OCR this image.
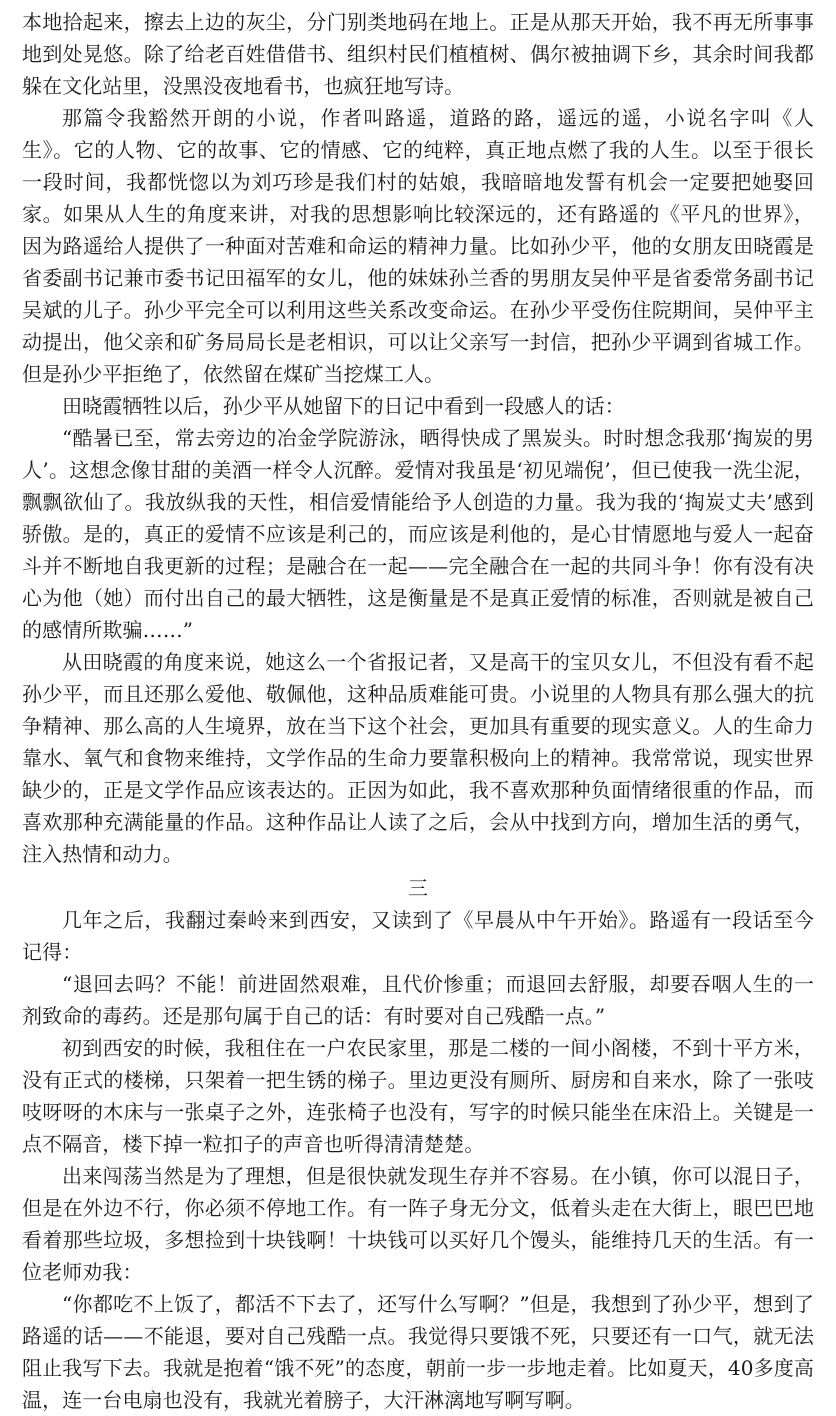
本地拾起来，擦去上边的灰尘，分门别类地码在地上。正是从那天开始，我不再无所事事地到处晃悠。除了给老百姓借借书、组织村民们植植树、偶尔被抽调下乡，其余时间我都躲在文化站里，没黑没夜地看书，也疯狂地写诗。

那篇令我豁然开朗的小说，作者叫路遥，道路的路，遥远的遥，小说名字叫《人生》。它的人物、它的故事、它的情感、它的纯粹，真正地点燃了我的人生。以至于很长一段时间，我都恍惚以为刘巧珍是我们村的姑娘，我暗暗地发誓有机会一定要把她娶回家。如果从人生的角度来讲，对我的思想影响比较深远的，还有路遥的《平凡的世界》，因为路遥给人提供了一种面对苦难和命运的精神力量。比如孙少平，他的女朋友田晓霞是省委副书记兼市委书记田福军的女儿，他的妹妹孙兰香的男朋友吴仲平是省委常务副书记吴斌的儿子。孙少平完全可以利用这些关系改变命运。在孙少平受伤住院期间，吴仲平主动提出，他父亲和矿务局局长是老相识，可以让父亲写一封信，把孙少平调到省城工作。但是孙少平拒绝了，依然留在煤矿当挖煤工人。

田晓霞牺牲以后，孙少平从她留下的日记中看到一段感人的话：

“酷暑已至，常去旁边的冶金学院游泳，晒得快成了黑炭头。时时想念我那‘掏炭的男人’。这想念像甘甜的美酒一样令人沉醉。爱情对我虽是‘初见端倪’，但已使我一洗尘泥，飘飘欲仙了。我放纵我的天性，相信爱情能给予人创造的力量。我为我的‘掏炭丈夫’感到骄傲。是的，真正的爱情不应该是利己的，而应该是利他的，是心甘情愿地与爱人一起奋斗并不断地自我更新的过程；是融合在一起——完全融合在一起的共同斗争！你有没有决心为他（她）而付出自己的最大牺牲，这是衡量是不是真正爱情的标准，否则就是被自己的感情所欺骗……”

从田晓霞的角度来说，她这么一个省报记者，又是高干的宝贝女儿，不但没有看不起孙少平，而且还那么爱他、敬佩他，这种品质难能可贵。小说里的人物具有那么强大的抗争精神、那么高的人生境界，放在当下这个社会，更加具有重要的现实意义。人的生命力靠水、氧气和食物来维持，文学作品的生命力要靠积极向上的精神。我常常说，现实世界缺少的，正是文学作品应该表达的。正因为如此，我不喜欢那种负面情绪很重的作品，而喜欢那种充满能量的作品。这种作品让人读了之后，会从中找到方向，增加生活的勇气，注入热情和动力。

三

几年之后，我翻过秦岭来到西安，又读到了《早晨从中午开始》。路遥有一段话至今记得：

“退回去吗？不能！前进固然艰难，且代价惨重；而退回去舒服，却要吞咽人生的一剂致命的毒药。还是那句属于自己的话：有时要对自己残酷一点。”

初到西安的时候，我租住在一户农民家里，那是二楼的一间小阁楼，不到十平方米，没有正式的楼梯，只架着一把生锈的梯子。里边更没有厕所、厨房和自来水，除了一张吱吱呀呀的木床与一张桌子之外，连张椅子也没有，写字的时候只能坐在床沿上。关键是一点不隔音，楼下掉一粒扣子的声音也听得清清楚楚。

出来闯荡当然是为了理想，但是很快就发现生存并不容易。在小镇，你可以混日子，但是在外边不行，你必须不停地工作。有一阵子身无分文，低着头走在大街上，眼巴巴地看着那些垃圾，多想捡到十块钱啊！十块钱可以买好几个馒头，能维持几天的生活。有一位老师劝我：

“你都吃不上饭了，都活不下去了，还写什么写啊？”但是，我想到了孙少平，想到了路遥的话——不能退，要对自己残酷一点。我觉得只要饿不死，只要还有一口气，就无法阻止我写下去。我就是抱着“饿不死”的态度，朝前一步一步地走着。比如夏天，40多度高温，连一台电扇也没有，我就光着膀子，大汗淋漓地写啊写啊。
